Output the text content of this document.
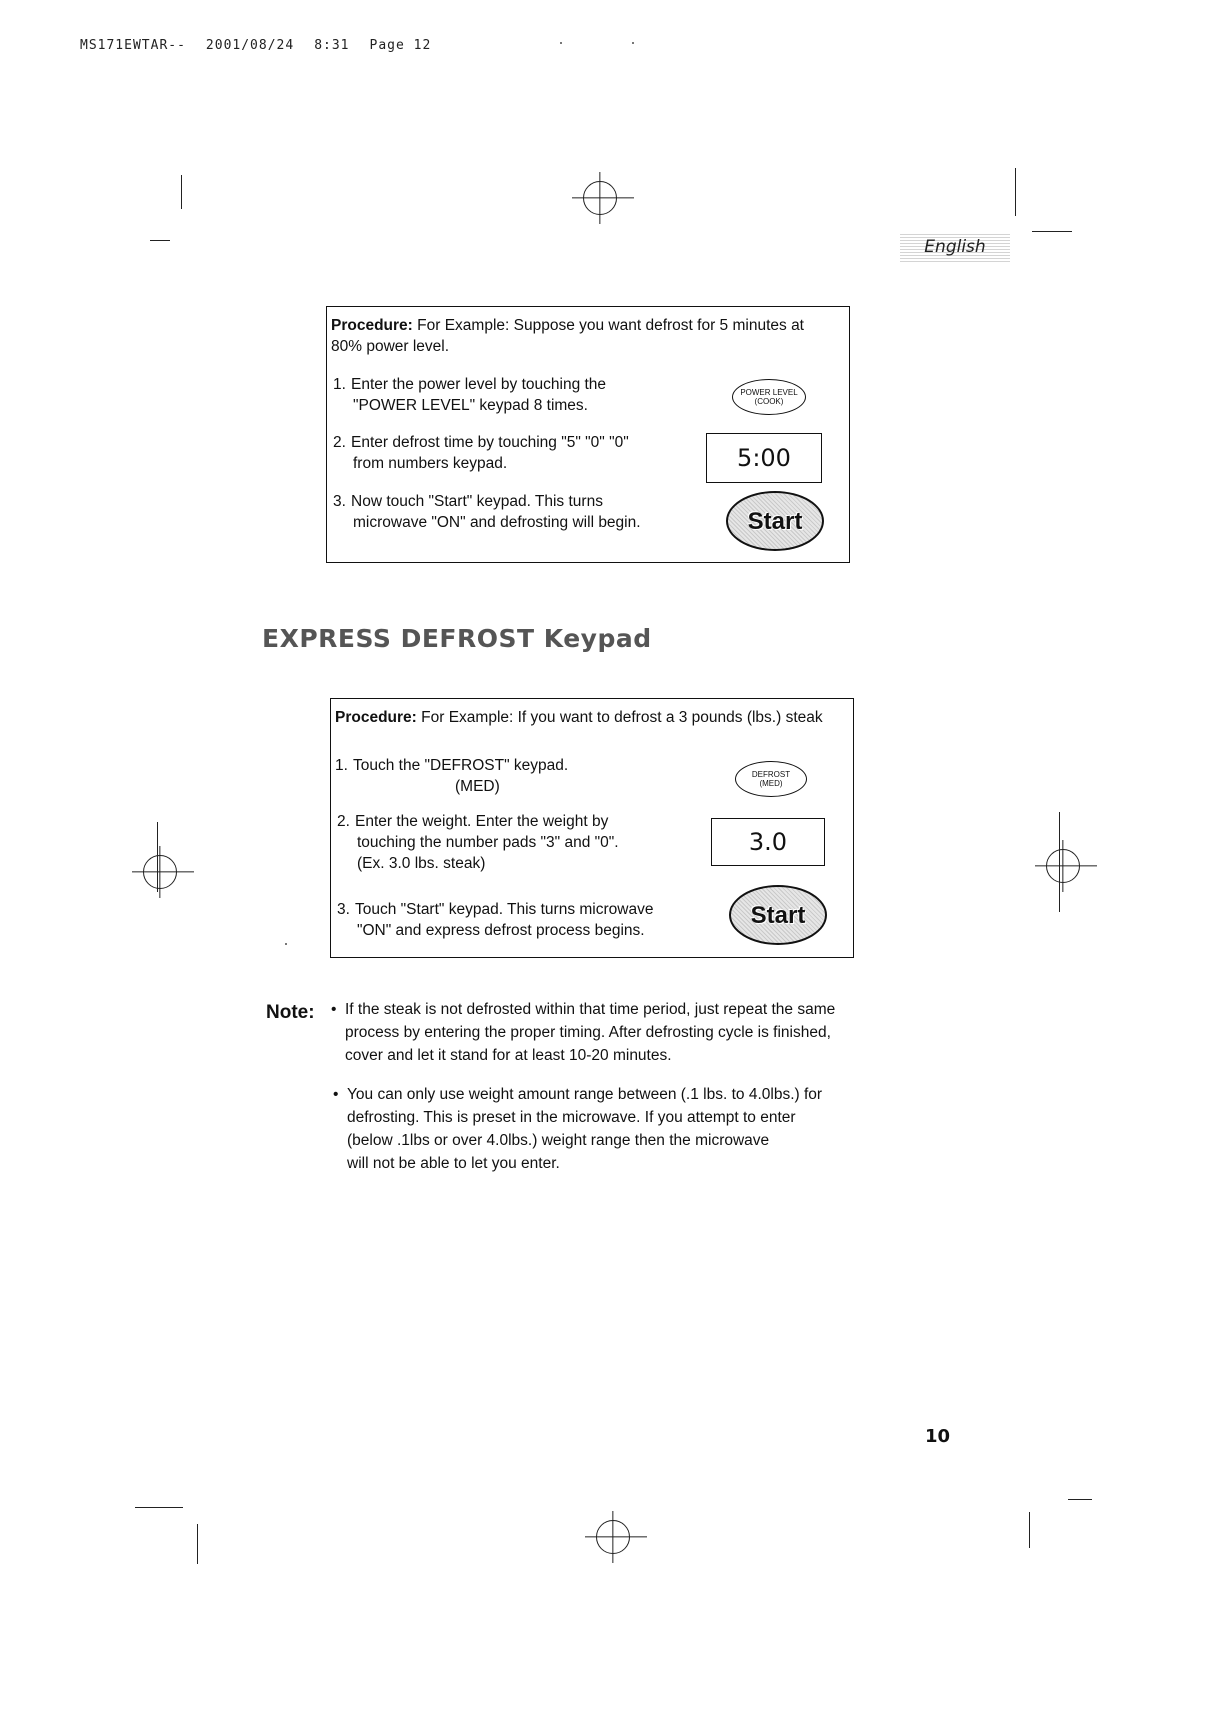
MS171EWTAR-- 2001/08/24 8:31 Page 12
English
Procedure: For Example: Suppose you want defrost for 5 minutes at 80% power level.
1. Enter the power level by touching the
"POWER LEVEL" keypad 8 times.
2. Enter defrost time by touching "5" "0" "0"
from numbers keypad.
3. Now touch "Start" keypad. This turns
microwave "ON" and defrosting will begin.
POWER LEVEL
(COOK)
5:00
Start
EXPRESS DEFROST Keypad
Procedure: For Example: If you want to defrost a 3 pounds (lbs.) steak
1. Touch the "DEFROST" keypad.
(MED)
2. Enter the weight. Enter the weight by
touching the number pads "3" and "0".
(Ex. 3.0 lbs. steak)
3. Touch "Start" keypad. This turns microwave
"ON" and express defrost process begins.
DEFROST
(MED)
3.0
Start
Note: • If the steak is not defrosted within that time period, just repeat the same
process by entering the proper timing. After defrosting cycle is finished,
cover and let it stand for at least 10-20 minutes.
• You can only use weight amount range between (.1 lbs. to 4.0lbs.) for
defrosting. This is preset in the microwave. If you attempt to enter
(below .1lbs or over 4.0lbs.) weight range then the microwave
will not be able to let you enter.
10
